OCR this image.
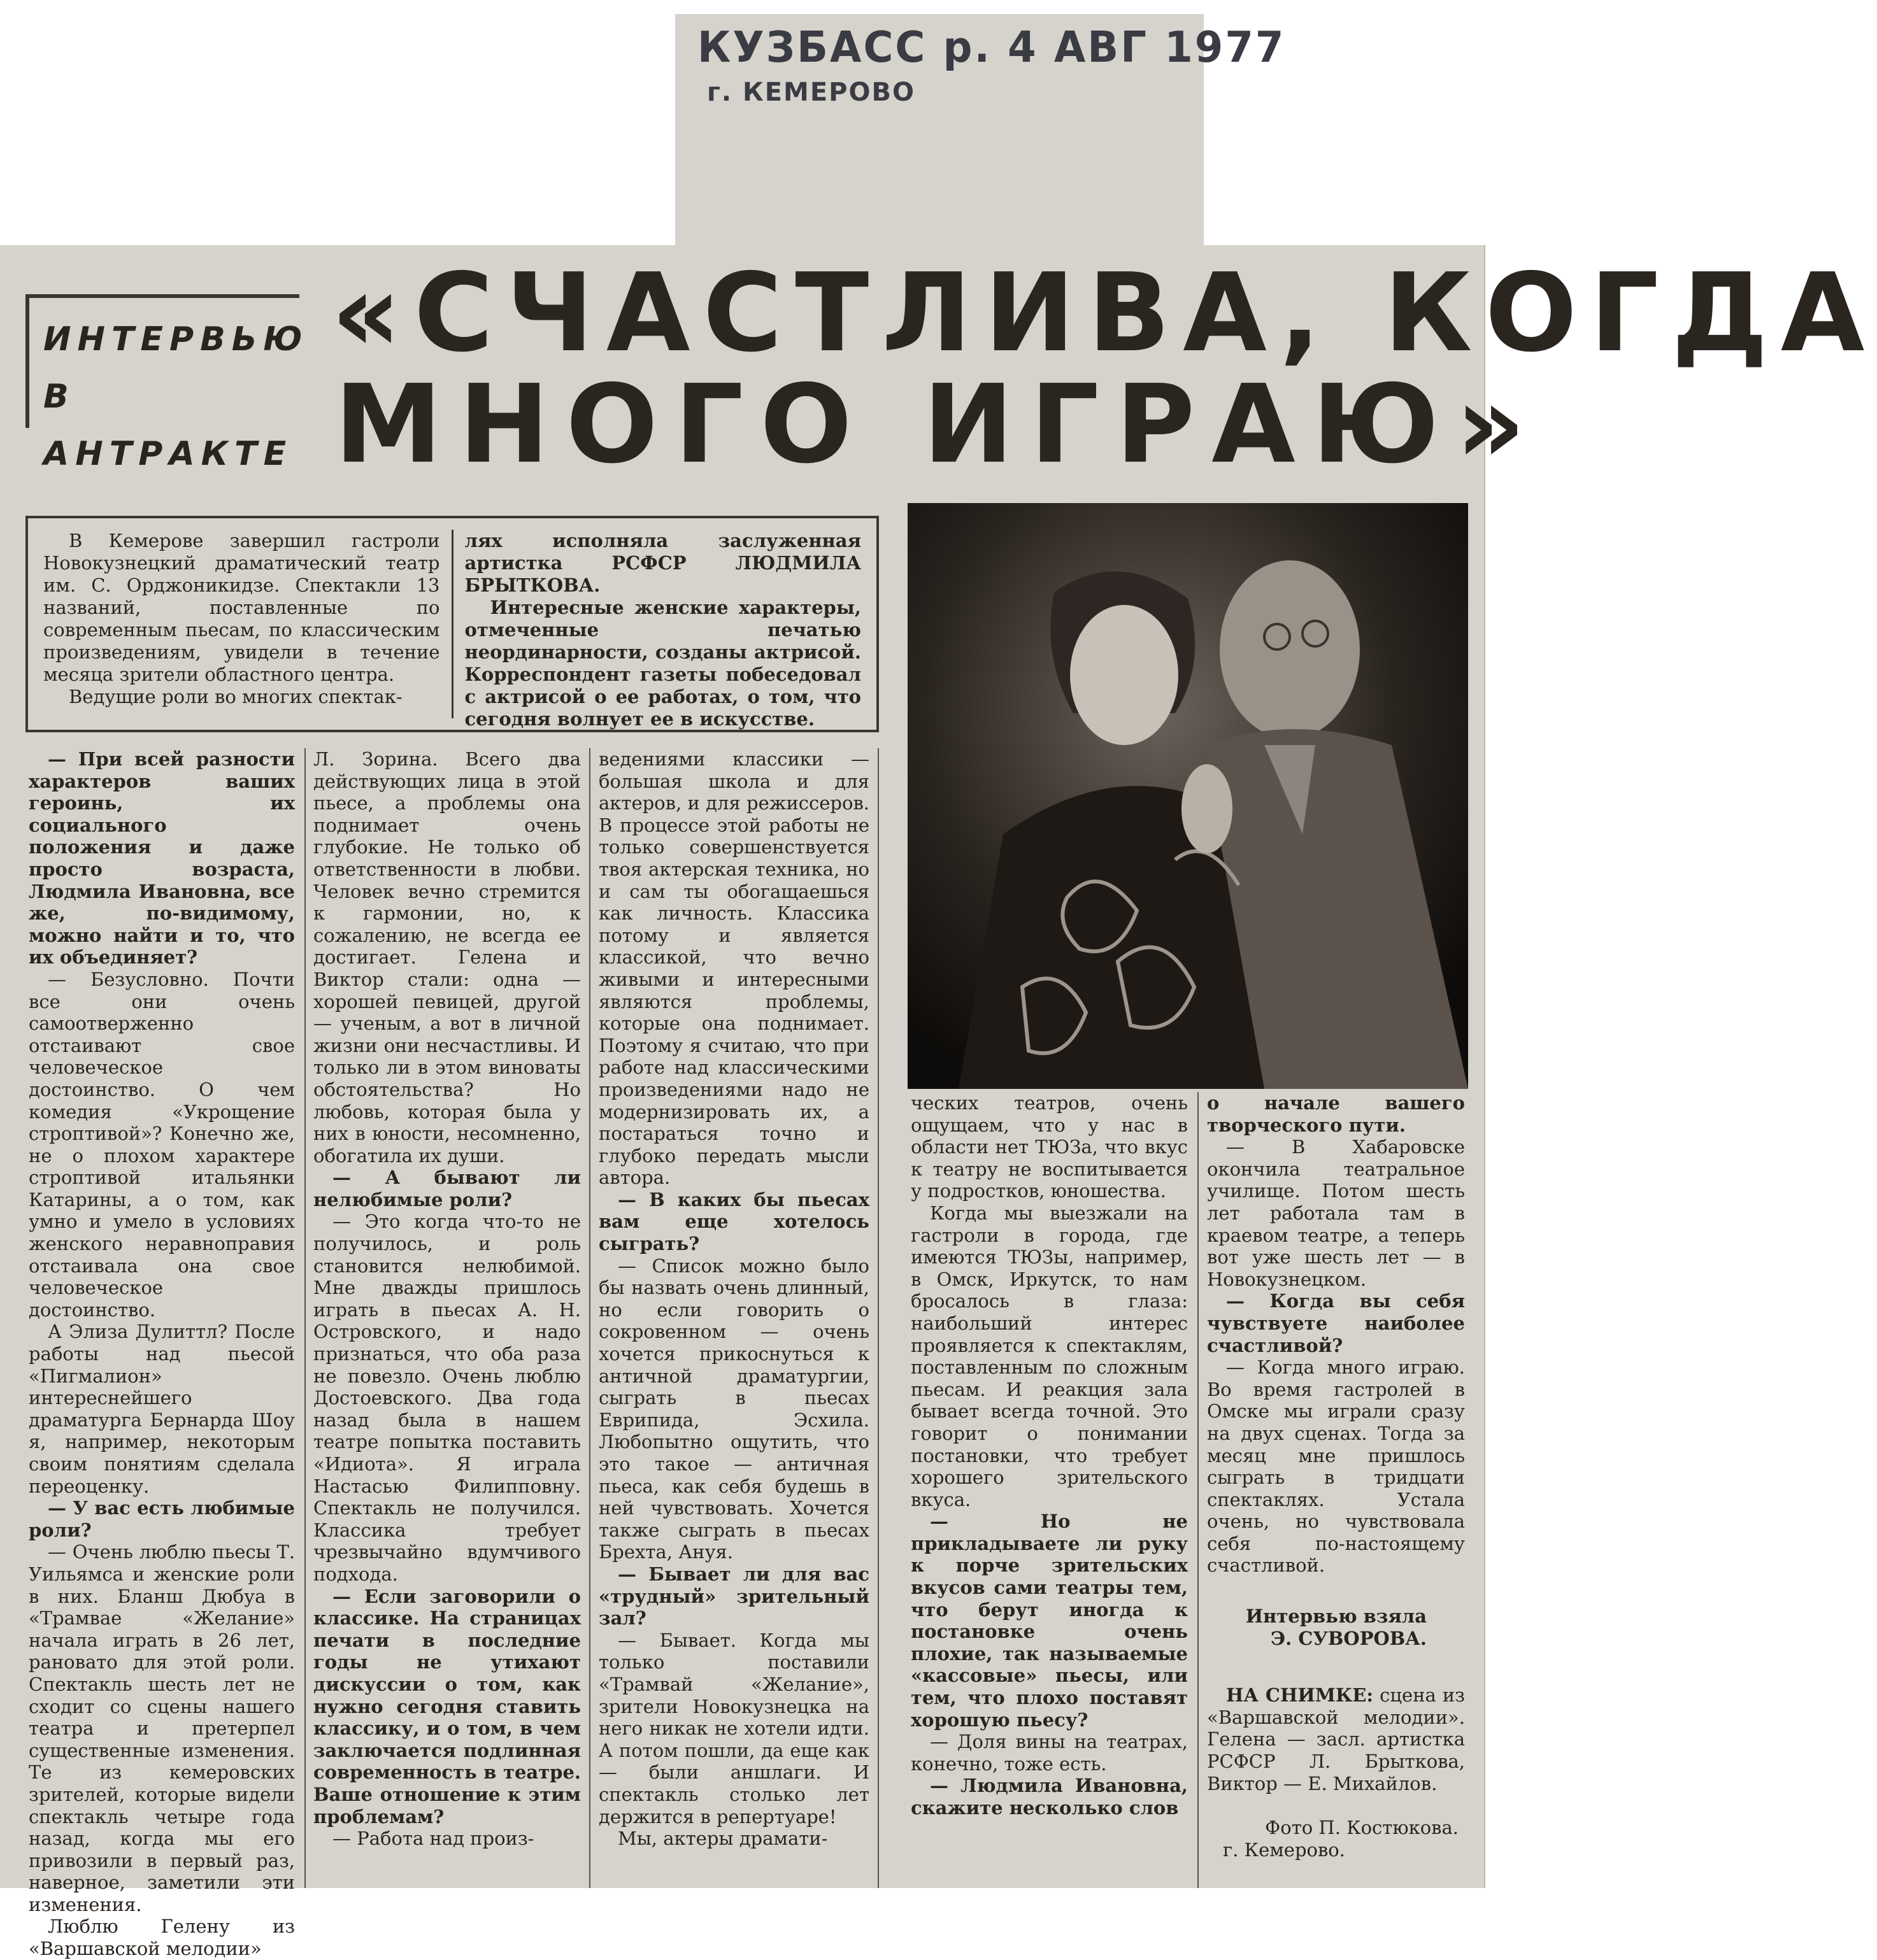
КУЗБАСС р. 4 АВГ 1977
г. КЕМЕРОВО
ИНТЕРВЬЮ
В АНТРАКТЕ
«СЧАСТЛИВА, КОГДА
МНОГО ИГРАЮ»

В Кемерове завершил гастроли Новокузнецкий драматический театр им. С. Орджоникидзе. Спектакли 13 названий, поставленные по современным пьесам, по классическим произведениям, увидели в течение месяца зрители областного центра.

Ведущие роли во многих спектак-

лях исполняла заслуженная артистка РСФСР ЛЮДМИЛА БРЫТКОВА.

Интересные женские характеры, отмеченные печатью неординарности, созданы актрисой. Корреспондент газеты побеседовал с актрисой о ее работах, о том, что сегодня волнует ее в искусстве.

— При всей разности характеров ваших героинь, их социального положения и даже просто возраста, Людмила Ивановна, все же, по-видимому, можно найти и то, что их объединяет?

— Безусловно. Почти все они очень самоотверженно отстаивают свое человеческое достоинство. О чем комедия «Укрощение строптивой»? Конечно же, не о плохом характере строптивой итальянки Катарины, а о том, как умно и умело в условиях женского неравноправия отстаивала она свое человеческое достоинство.

А Элиза Дулиттл? После работы над пьесой «Пигмалион» интереснейшего драматурга Бернарда Шоу я, например, некоторым своим понятиям сделала переоценку.

— У вас есть любимые роли?

— Очень люблю пьесы Т. Уильямса и женские роли в них. Бланш Дюбуа в «Трамвае «Желание» начала играть в 26 лет, рановато для этой роли. Спектакль шесть лет не сходит со сцены нашего театра и претерпел существенные изменения. Те из кемеровских зрителей, которые видели спектакль четыре года назад, когда мы его привозили в первый раз, наверное, заметили эти изменения.

Люблю Гелену из «Варшавской мелодии»

Л. Зорина. Всего два действующих лица в этой пьесе, а проблемы она поднимает очень глубокие. Не только об ответственности в любви. Человек вечно стремится к гармонии, но, к сожалению, не всегда ее достигает. Гелена и Виктор стали: одна — хорошей певицей, другой — ученым, а вот в личной жизни они несчастливы. И только ли в этом виноваты обстоятельства? Но любовь, которая была у них в юности, несомненно, обогатила их души.

— А бывают ли нелюбимые роли?

— Это когда что-то не получилось, и роль становится нелюбимой. Мне дважды пришлось играть в пьесах А. Н. Островского, и надо признаться, что оба раза не повезло. Очень люблю Достоевского. Два года назад была в нашем театре попытка поставить «Идиота». Я играла Настасью Филипповну. Спектакль не получился. Классика требует чрезвычайно вдумчивого подхода.

— Если заговорили о классике. На страницах печати в последние годы не утихают дискуссии о том, как нужно сегодня ставить классику, и о том, в чем заключается подлинная современность в театре. Ваше отношение к этим проблемам?

— Работа над произ-

ведениями классики — большая школа и для актеров, и для режиссеров. В процессе этой работы не только совершенствуется твоя актерская техника, но и сам ты обогащаешься как личность. Классика потому и является классикой, что вечно живыми и интересными являются проблемы, которые она поднимает. Поэтому я считаю, что при работе над классическими произведениями надо не модернизировать их, а постараться точно и глубоко передать мысли автора.

— В каких бы пьесах вам еще хотелось сыграть?

— Список можно было бы назвать очень длинный, но если говорить о сокровенном — очень хочется прикоснуться к античной драматургии, сыграть в пьесах Еврипида, Эсхила. Любопытно ощутить, что это такое — античная пьеса, как себя будешь в ней чувствовать. Хочется также сыграть в пьесах Брехта, Ануя.

— Бывает ли для вас «трудный» зрительный зал?

— Бывает. Когда мы только поставили «Трамвай «Желание», зрители Новокузнецка на него никак не хотели идти. А потом пошли, да еще как — были аншлаги. И спектакль столько лет держится в репертуаре!

Мы, актеры драмати-

ческих театров, очень ощущаем, что у нас в области нет ТЮЗа, что вкус к театру не воспитывается у подростков, юношества.

Когда мы выезжали на гастроли в города, где имеются ТЮЗы, например, в Омск, Иркутск, то нам бросалось в глаза: наибольший интерес проявляется к спектаклям, поставленным по сложным пьесам. И реакция зала бывает всегда точной. Это говорит о понимании постановки, что требует хорошего зрительского вкуса.

— Но не прикладываете ли руку к порче зрительских вкусов сами театры тем, что берут иногда к постановке очень плохие, так называемые «кассовые» пьесы, или тем, что плохо поставят хорошую пьесу?

— Доля вины на театрах, конечно, тоже есть.

— Людмила Ивановна, скажите несколько слов

о начале вашего творческого пути.

— В Хабаровске окончила театральное училище. Потом шесть лет работала там в краевом театре, а теперь вот уже шесть лет — в Новокузнецком.

— Когда вы себя чувствуете наиболее счастливой?

— Когда много играю. Во время гастролей в Омске мы играли сразу на двух сценах. Тогда за месяц мне пришлось сыграть в тридцати спектаклях. Устала очень, но чувствовала себя по-настоящему счастливой.

Интервью взяла
Э. СУВОРОВА.
НА СНИМКЕ: сцена из «Варшавской мелодии». Гелена — засл. артистка РСФСР Л. Брыткова, Виктор — Е. Михайлов.
Фото П. Костюкова.
г. Кемерово.
